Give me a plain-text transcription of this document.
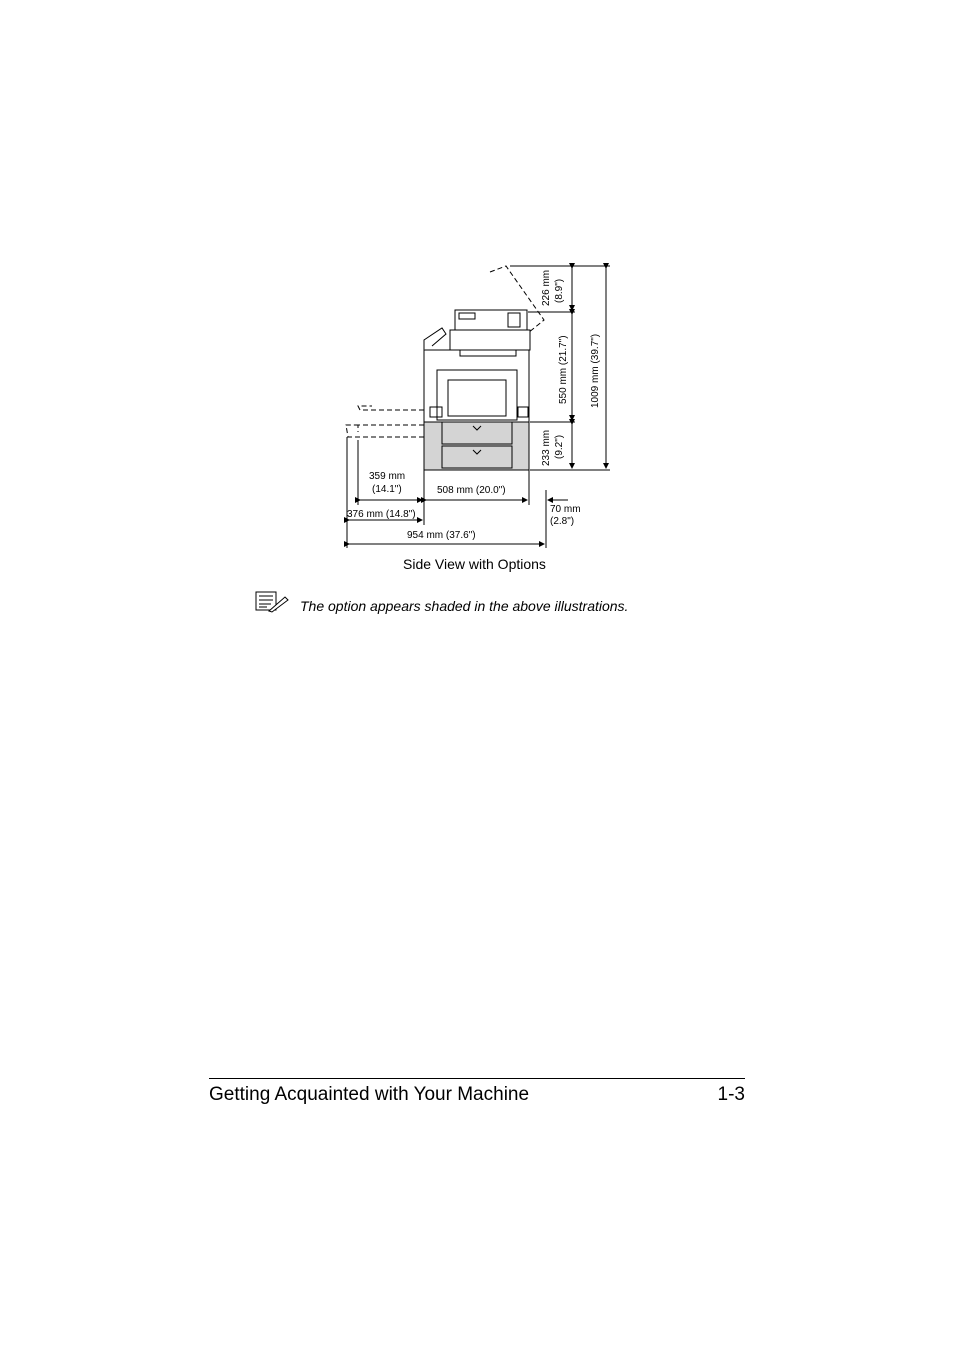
226 mm (8.9")
550 mm (21.7") 1009 mm (39.7")
233 mm (9.2")
359 mm
(14.1")	508 mm (20.0")
376 mm (14.8")	70 mm
(2.8")
954 mm (37.6")
Side View with Options
The option appears shaded in the above illustrations.
Getting Acquainted with Your Machine	1-3
